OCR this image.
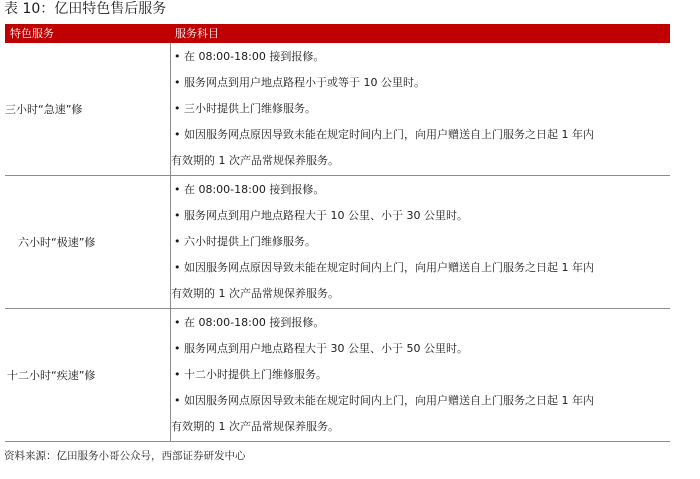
表 10：亿田特色售后服务
特色服务	服务科目
三小时“急速”修
• 在 08:00-18:00 接到报修。
• 服务网点到用户地点路程小于或等于 10 公里时。
• 三小时提供上门维修服务。
• 如因服务网点原因导致未能在规定时间内上门，向用户赠送自上门服务之日起 1 年内
有效期的 1 次产品常规保养服务。
六小时“极速”修
• 在 08:00-18:00 接到报修。
• 服务网点到用户地点路程大于 10 公里、小于 30 公里时。
• 六小时提供上门维修服务。
• 如因服务网点原因导致未能在规定时间内上门，向用户赠送自上门服务之日起 1 年内
有效期的 1 次产品常规保养服务。
十二小时“疾速”修
• 在 08:00-18:00 接到报修。
• 服务网点到用户地点路程大于 30 公里、小于 50 公里时。
• 十二小时提供上门维修服务。
• 如因服务网点原因导致未能在规定时间内上门，向用户赠送自上门服务之日起 1 年内
有效期的 1 次产品常规保养服务。
资料来源：亿田服务小哥公众号，西部证券研发中心
